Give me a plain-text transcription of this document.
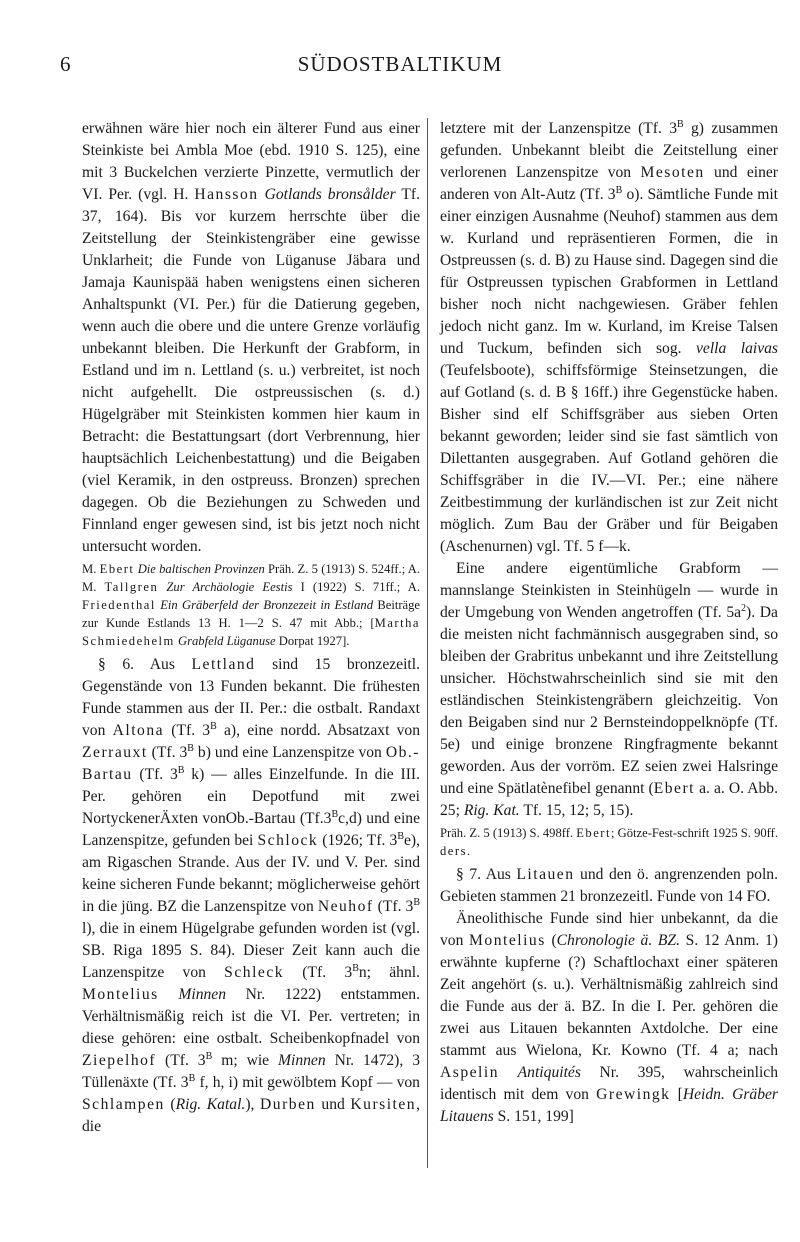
6	SÜDOSTBALTIKUM

erwähnen wäre hier noch ein älterer Fund aus einer Steinkiste bei Ambla Moe (ebd. 1910 S. 125), eine mit 3 Buckelchen verzierte Pinzette, vermutlich der VI. Per. (vgl. H. Hansson Gotlands bronsålder Tf. 37, 164). Bis vor kurzem herrschte über die Zeitstellung der Steinkistengräber eine gewisse Unklarheit; die Funde von Lüganuse Jäbara und Jamaja Kaunispää haben wenigstens einen sicheren Anhaltspunkt (VI. Per.) für die Datierung gegeben, wenn auch die obere und die untere Grenze vorläufig unbekannt bleiben. Die Herkunft der Grabform, in Estland und im n. Lettland (s. u.) verbreitet, ist noch nicht aufgehellt. Die ostpreussischen (s. d.) Hügelgräber mit Steinkisten kommen hier kaum in Betracht: die Bestattungsart (dort Verbrennung, hier hauptsächlich Leichenbestattung) und die Beigaben (viel Keramik, in den ostpreuss. Bronzen) sprechen dagegen. Ob die Beziehungen zu Schweden und Finnland enger gewesen sind, ist bis jetzt noch nicht untersucht worden.

M. Ebert Die baltischen Provinzen Präh. Z. 5 (1913) S. 524ff.; A. M. Tallgren Zur Archäologie Eestis I (1922) S. 71ff.; A. Friedenthal Ein Gräberfeld der Bronzezeit in Estland Beiträge zur Kunde Estlands 13 H. 1—2 S. 47 mit Abb.; [Martha Schmiedehelm Grabfeld Lüganuse Dorpat 1927].

§ 6. Aus Lettland sind 15 bronzezeitl. Gegenstände von 13 Funden bekannt. Die frühesten Funde stammen aus der II. Per.: die ostbalt. Randaxt von Altona (Tf. $3^B$ a), eine nordd. Absatzaxt von Zerrauxt (Tf. $3^B$ b) und eine Lanzenspitze von Ob.-Bartau (Tf. $3^B$ k) — alles Einzelfunde. In die III. Per. gehören ein Depotfund mit zwei NortyckenerÄxten vonOb.-Bartau $(Tf.3^Bc,d)$ und eine Lanzenspitze, gefunden bei Schlock (1926; Tf. $3^Be$), am Rigaschen Strande. Aus der IV. und V. Per. sind keine sicheren Funde bekannt; möglicherweise gehört in die jüng. BZ die Lanzenspitze von Neuhof (Tf. $3^B$ l), die in einem Hügelgrabe gefunden worden ist (vgl. SB. Riga 1895 S. 84). Dieser Zeit kann auch die Lanzenspitze von Schleck (Tf. $3^Bn$; ähnl. Montelius Minnen Nr. 1222) entstammen. Verhältnismäßig reich ist die VI. Per. vertreten; in diese gehören: eine ostbalt. Scheibenkopfnadel von Ziepelhof (Tf. $3^B$ m; wie Minnen Nr. 1472), 3 Tüllenäxte (Tf. $3^B$ f, h, i) mit gewölbtem Kopf — von Schlampen (Rig. Katal.), Durben und Kursiten, die

letztere mit der Lanzenspitze (Tf. $3^B$ g) zusammen gefunden. Unbekannt bleibt die Zeitstellung einer verlorenen Lanzenspitze von Mesoten und einer anderen von Alt-Autz (Tf. $3^B$ o). Sämtliche Funde mit einer einzigen Ausnahme (Neuhof) stammen aus dem w. Kurland und repräsentieren Formen, die in Ostpreussen (s. d. B) zu Hause sind. Dagegen sind die für Ostpreussen typischen Grabformen in Lettland bisher noch nicht nachgewiesen. Gräber fehlen jedoch nicht ganz. Im w. Kurland, im Kreise Talsen und Tuckum, befinden sich sog. vella laivas (Teufelsboote), schiffsförmige Steinsetzungen, die auf Gotland (s. d. B § 16ff.) ihre Gegenstücke haben. Bisher sind elf Schiffsgräber aus sieben Orten bekannt geworden; leider sind sie fast sämtlich von Dilettanten ausgegraben. Auf Gotland gehören die Schiffsgräber in die IV.—VI. Per.; eine nähere Zeitbestimmung der kurländischen ist zur Zeit nicht möglich. Zum Bau der Gräber und für Beigaben (Aschenurnen) vgl. Tf. 5 f—k.

Eine andere eigentümliche Grabform — mannslange Steinkisten in Steinhügeln — wurde in der Umgebung von Wenden angetroffen (Tf. $5a^2$). Da die meisten nicht fachmännisch ausgegraben sind, so bleiben der Grabritus unbekannt und ihre Zeitstellung unsicher. Höchstwahrscheinlich sind sie mit den estländischen Steinkistengräbern gleichzeitig. Von den Beigaben sind nur 2 Bernsteindoppelknöpfe (Tf. 5e) und einige bronzene Ringfragmente bekannt geworden. Aus der vorröm. EZ seien zwei Halsringe und eine Spätlatènefibel genannt (Ebert a. a. O. Abb. 25; Rig. Kat. Tf. 15, 12; 5, 15).

Präh. Z. 5 (1913) S. 498ff. Ebert; Götze-Fest-schrift 1925 S. 90ff. ders.

§ 7. Aus Litauen und den ö. angrenzenden poln. Gebieten stammen 21 bronzezeitl. Funde von 14 FO.

Äneolithische Funde sind hier unbekannt, da die von Montelius (Chronologie ä. BZ. S. 12 Anm. 1) erwähnte kupferne (?) Schaftlochaxt einer späteren Zeit angehört (s. u.). Verhältnismäßig zahlreich sind die Funde aus der ä. BZ. In die I. Per. gehören die zwei aus Litauen bekannten Axtdolche. Der eine stammt aus Wielona, Kr. Kowno (Tf. 4 a; nach Aspelin Antiquités Nr. 395, wahrscheinlich identisch mit dem von Grewingk [Heidn. Gräber Litauens S. 151, 199]
